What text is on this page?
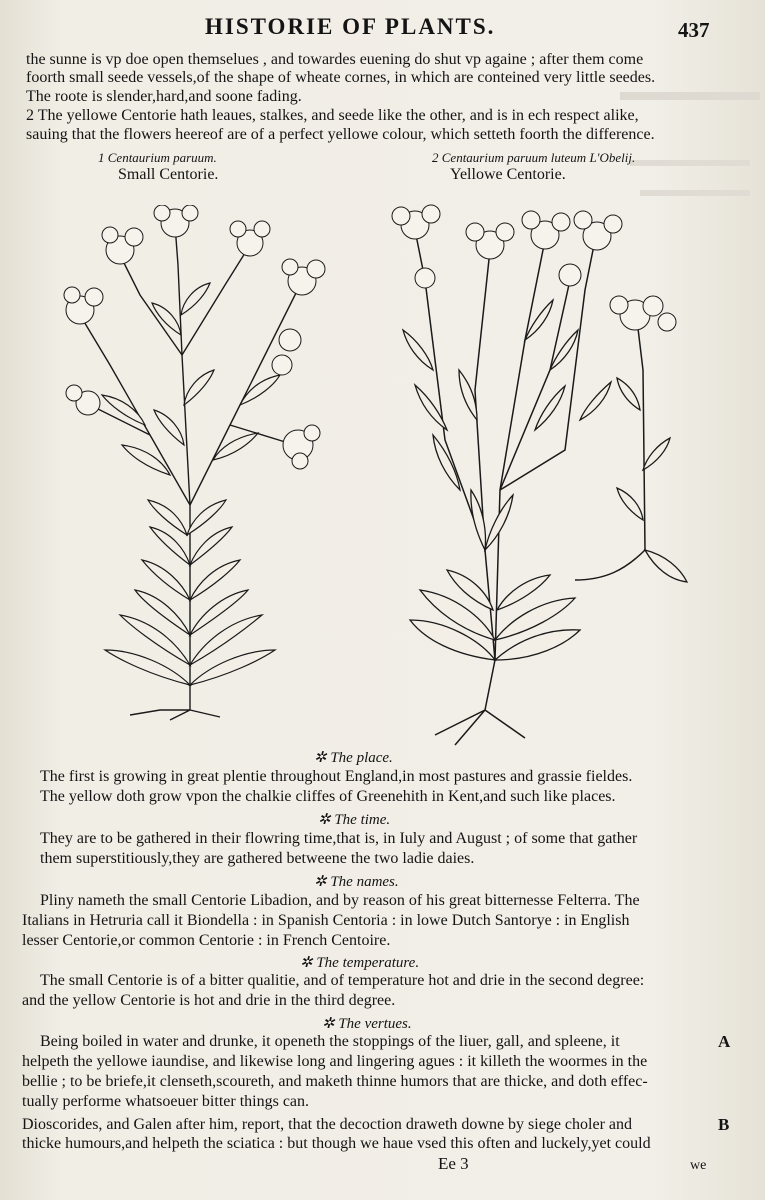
HISTORIE OF PLANTS.	437
the sunne is vp doe open themselues , and towardes euening do shut vp againe ; after them come
foorth small seede vessels,of the shape of wheate cornes, in which are conteined very little seedes.
The roote is slender,hard,and soone fading.
2 The yellowe Centorie hath leaues, stalkes, and seede like the other, and is in ech respect alike,
sauing that the flowers heereof are of a perfect yellowe colour, which setteth foorth the difference.
1 Centaurium paruum.
Small Centorie.
2 Centaurium paruum luteum L'Obelij.
Yellowe Centorie.
✲ The place.
The first is growing in great plentie throughout England,in most pastures and grassie fieldes.
The yellow doth grow vpon the chalkie cliffes of Greenehith in Kent,and such like places.
✲ The time.
They are to be gathered in their flowring time,that is, in Iuly and August ; of some that gather
them superstitiously,they are gathered betweene the two ladie daies.
✲ The names.
Pliny nameth the small Centorie Libadion, and by reason of his great bitternesse Felterra. The
Italians in Hetruria call it Biondella : in Spanish Centoria : in lowe Dutch Santorye : in English
lesser Centorie,or common Centorie : in French Centoire.
✲ The temperature.
The small Centorie is of a bitter qualitie, and of temperature hot and drie in the second degree:
and the yellow Centorie is hot and drie in the third degree.
✲ The vertues.
Being boiled in water and drunke, it openeth the stoppings of the liuer, gall, and spleene, it
helpeth the yellowe iaundise, and likewise long and lingering agues : it killeth the woormes in the
bellie ; to be briefe,it clenseth,scoureth, and maketh thinne humors that are thicke, and doth effec-
tually performe whatsoeuer bitter things can.
Dioscorides, and Galen after him, report, that the decoction draweth downe by siege choler and
thicke humours,and helpeth the sciatica : but though we haue vsed this often and luckely,yet could
A
B
Ee 3	we
